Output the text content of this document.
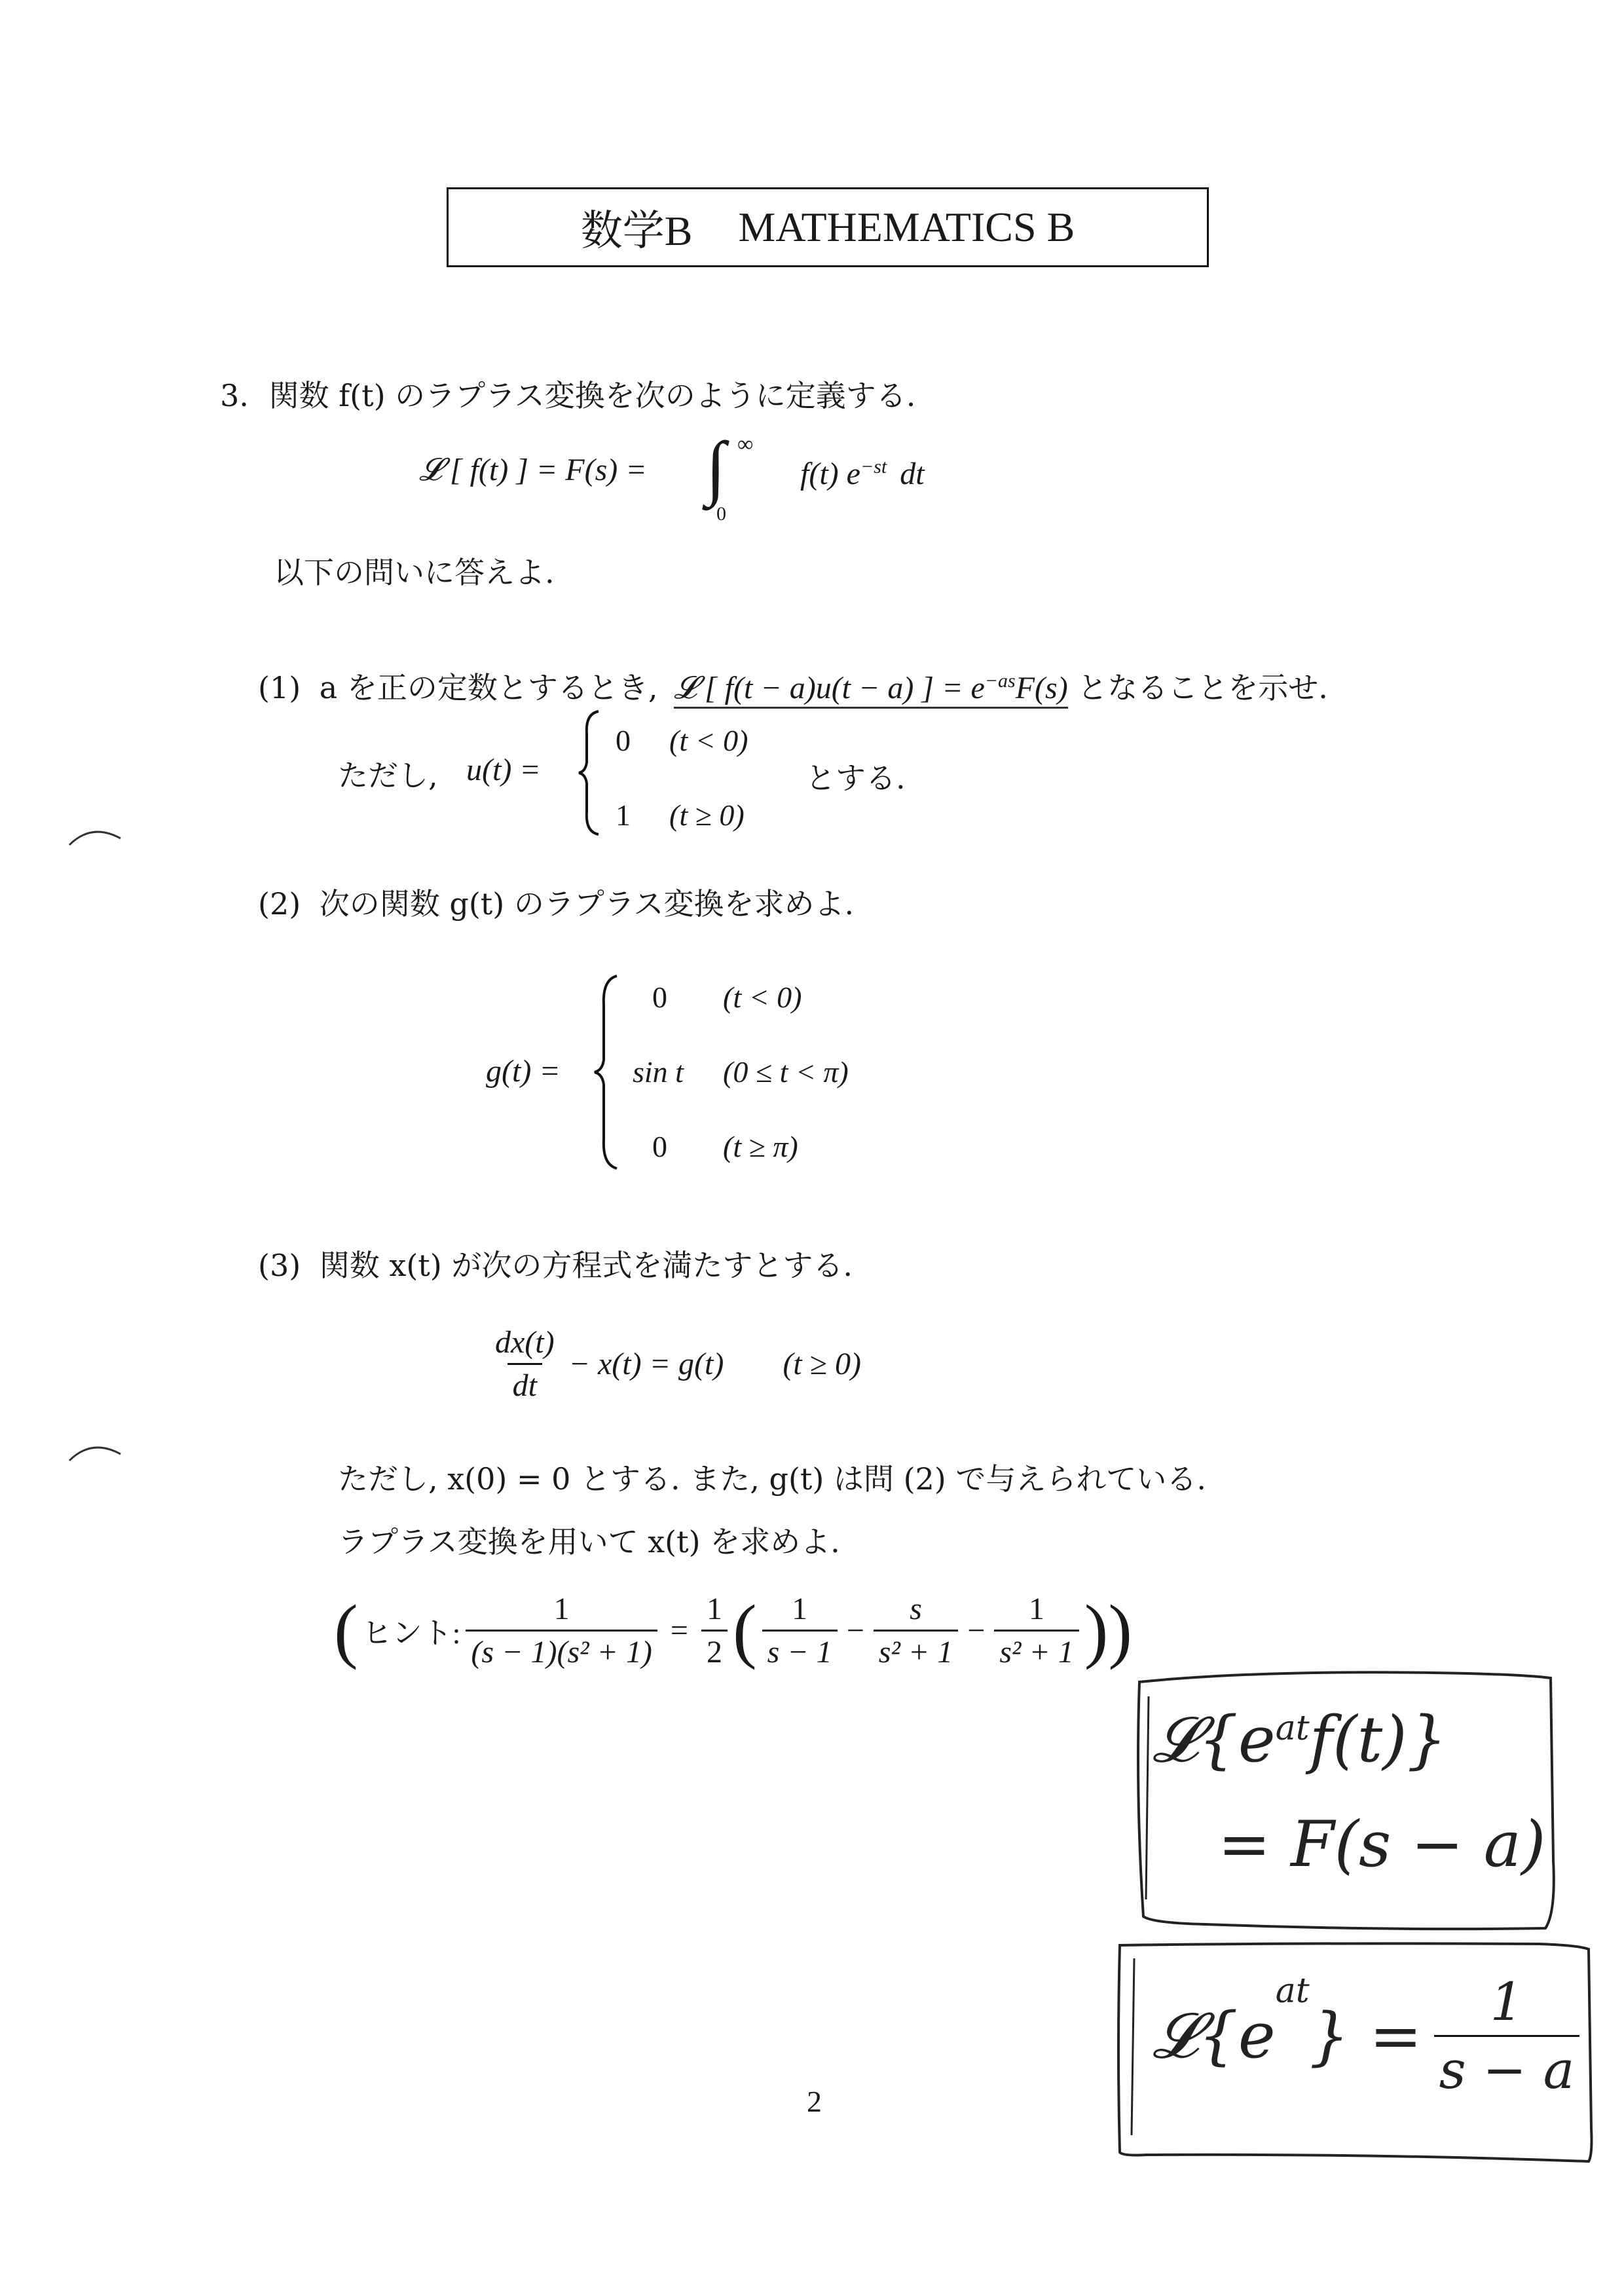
数学B MATHEMATICS B
3. 関数 f(t) のラプラス変換を次のように定義する.
𝓛 [ f(t) ] = F(s) = ∫ ∞
0
f(t) $e^{-st}$ dt
以下の問いに答えよ.
(1) a を正の定数とするとき, 𝓛 [ f(t − a)u(t − a) ] = $e^{-as}F(s)$ となることを示せ.
ただし, u(t) =
0 (t < 0)
1 (t ≥ 0)
とする.
(2) 次の関数 g(t) のラプラス変換を求めよ.
g(t) =
0 (t < 0)
sin t (0 ≤ t < π)
0 (t ≥ π)
(3) 関数 x(t) が次の方程式を満たすとする.
$\frac{dx(t)}{dt} - x(t) = g(t) (t \ge 0)$
ただし, x(0) = 0 とする. また, g(t) は問 (2) で与えられている.
ラプラス変換を用いて x(t) を求めよ.
( ヒント: $\frac{1}{\text{(s − 1)(s² + 1)}} = \frac{1}{2}$ ( $\frac{1}{s - 1} - \frac{s}{\text{s² + 1}} - \frac{1}{\text{s² + 1}}$ ) )
$𝓛\{e^{at}f(t)\}$
= F(s − a)
𝓛{e
$^{at}$
} = $\frac{1}{s - a}$
2
